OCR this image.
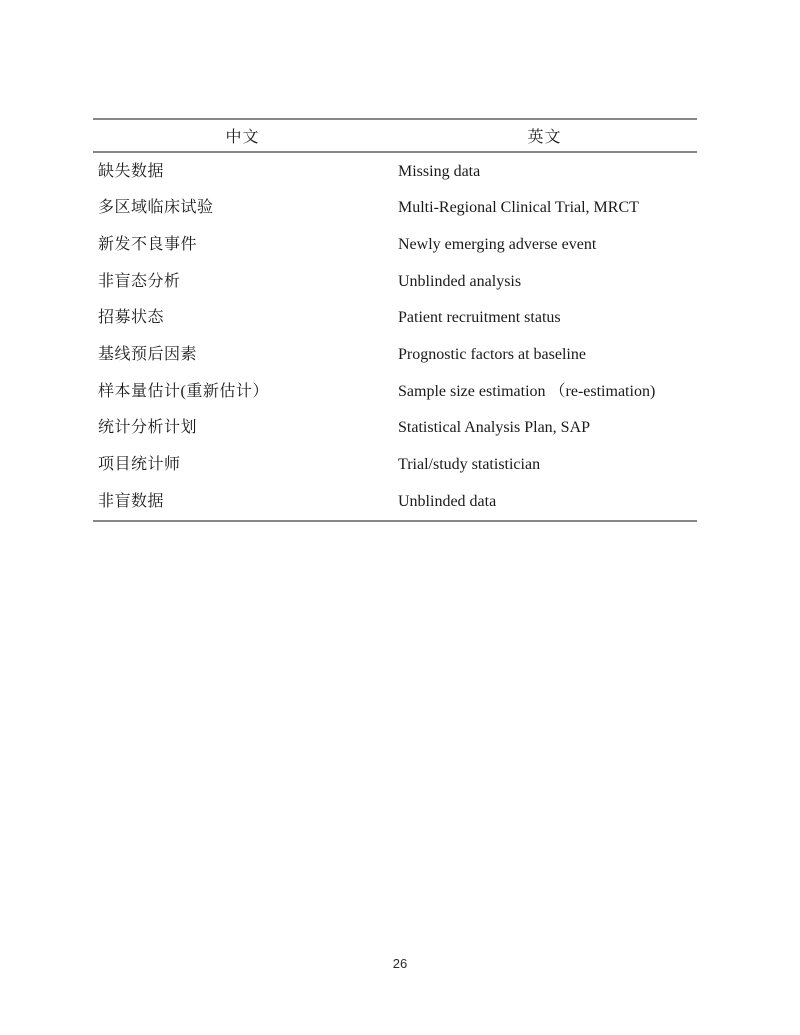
中文	英文
缺失数据	Missing data
多区域临床试验	Multi-Regional Clinical Trial, MRCT
新发不良事件	Newly emerging adverse event
非盲态分析	Unblinded analysis
招募状态	Patient recruitment status
基线预后因素	Prognostic factors at baseline
样本量估计(重新估计）	Sample size estimation （re-estimation)
统计分析计划	Statistical Analysis Plan, SAP
项目统计师	Trial/study statistician
非盲数据	Unblinded data
26
